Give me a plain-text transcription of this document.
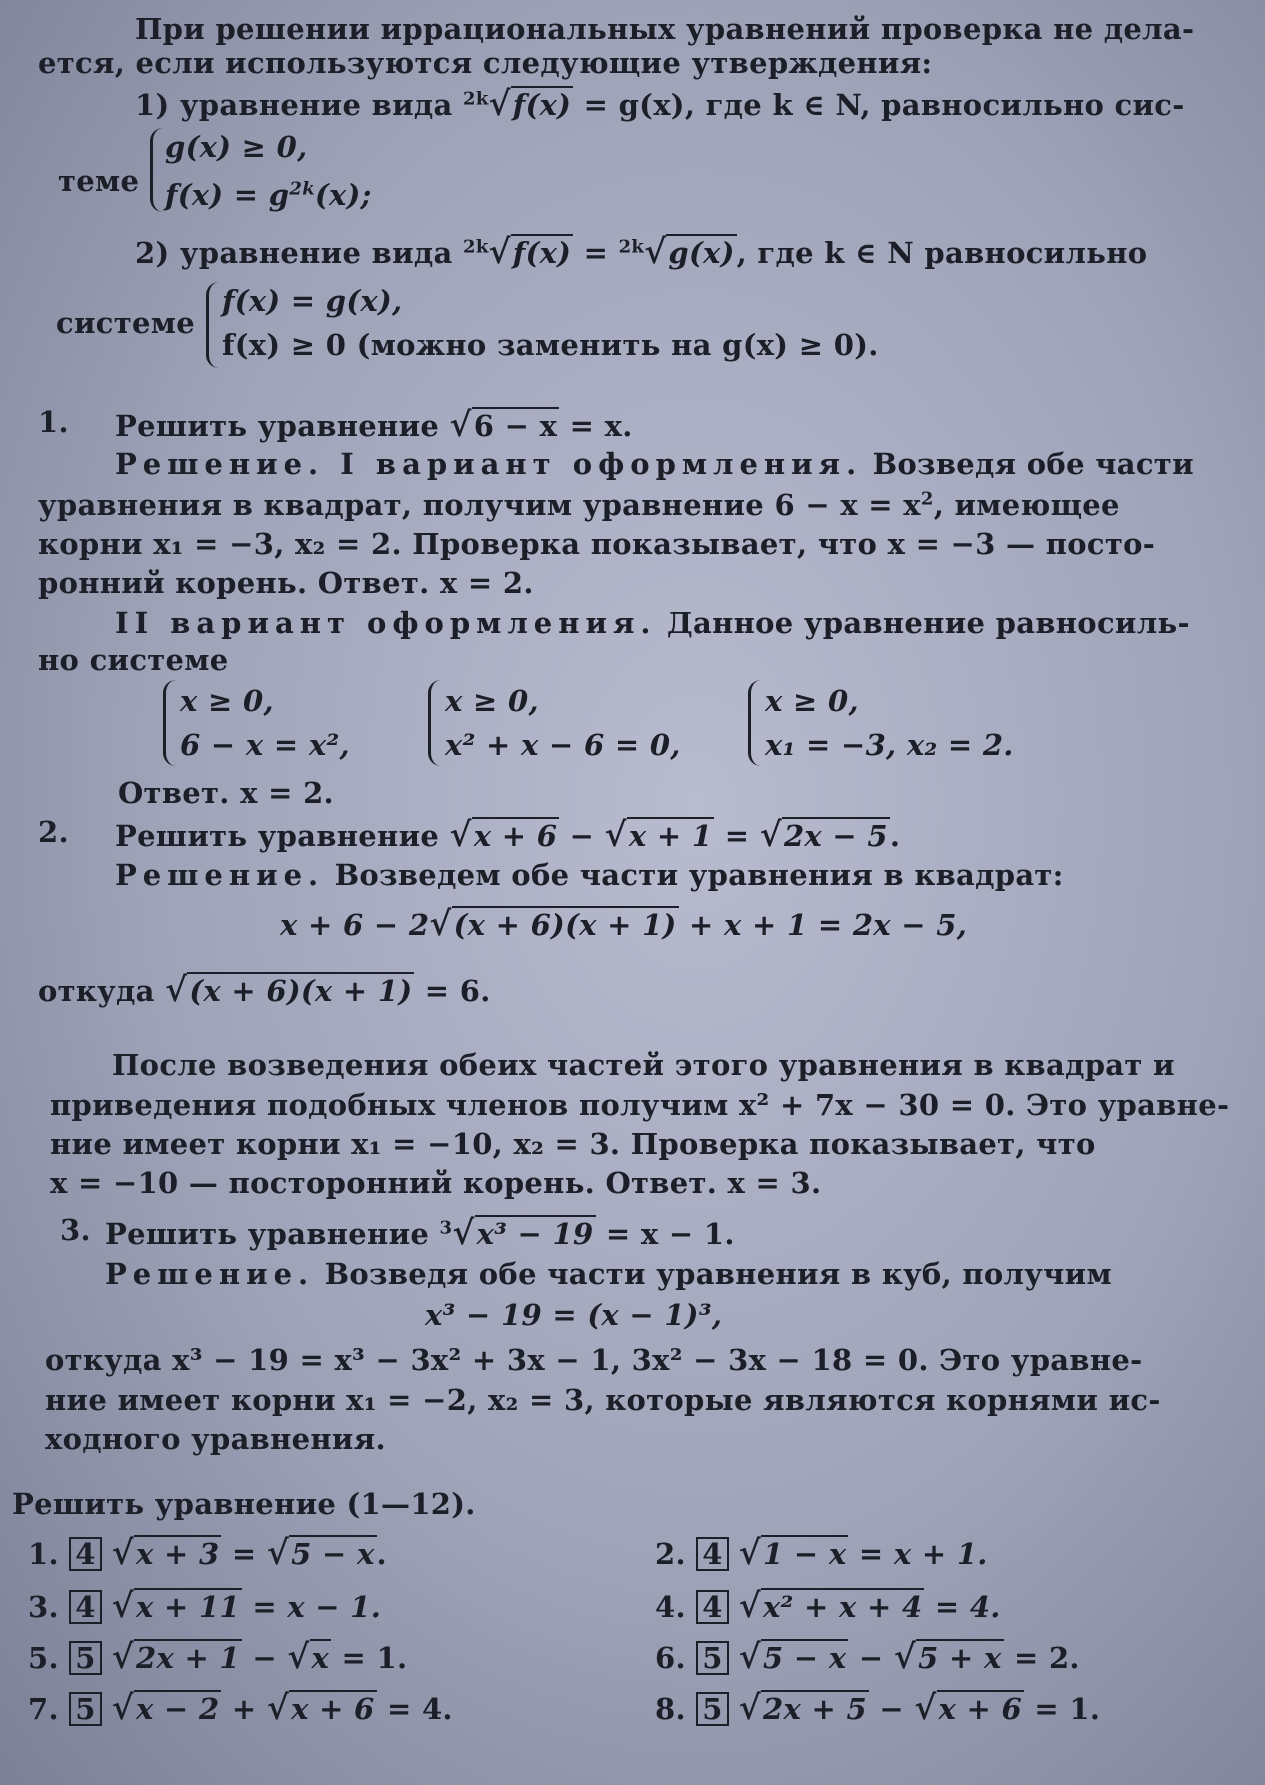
При решении иррациональных уравнений проверка не дела-
ется, если используются следующие утверждения:
1) уравнение вида $^{2k}$√f(x) = g(x), где k ∈ N, равносильно сис-
теме
g(x) ≥ 0,
$f(x) = g^{2k}(x)$;
2) уравнение вида $^{2k}$√f(x) = $^{2k}$√g(x), где k ∈ N равносильно
системе
f(x) = g(x),
f(x) ≥ 0 (можно заменить на g(x) ≥ 0).
1. Решить уравнение √6 − x = x.
Решение. I вариант оформления. Возведя обе части
уравнения в квадрат, получим уравнение $6 - x = x^2$, имеющее
корни x₁ = −3, x₂ = 2. Проверка показывает, что x = −3 — посто-
ронний корень. Ответ. x = 2.
II вариант оформления. Данное уравнение равносиль-
но системе
x ≥ 0,
6 − x = x²,
x ≥ 0,
x² + x − 6 = 0,
x ≥ 0,
x₁ = −3, x₂ = 2.
Ответ. x = 2.
2. Решить уравнение √x + 6 − √x + 1 = √2x − 5.
Решение. Возведем обе части уравнения в квадрат:
x + 6 − 2√(x + 6)(x + 1) + x + 1 = 2x − 5,
откуда √(x + 6)(x + 1) = 6.
После возведения обеих частей этого уравнения в квадрат и
приведения подобных членов получим x² + 7x − 30 = 0. Это уравне-
ние имеет корни x₁ = −10, x₂ = 3. Проверка показывает, что
x = −10 — посторонний корень. Ответ. x = 3.
3. Решить уравнение $^3$√x³ − 19 = x − 1.
Решение. Возведя обе части уравнения в куб, получим
x³ − 19 = (x − 1)³,
откуда x³ − 19 = x³ − 3x² + 3x − 1, 3x² − 3x − 18 = 0. Это уравне-
ние имеет корни x₁ = −2, x₂ = 3, которые являются корнями ис-
ходного уравнения.
Решить уравнение (1—12).
1. 4 √x + 3 = √5 − x.	2. 4 √1 − x = x + 1.
3. 4 √x + 11 = x − 1.	4. 4 √x² + x + 4 = 4.
5. 5 √2x + 1 − √x = 1.	6. 5 √5 − x − √5 + x = 2.
7. 5 √x − 2 + √x + 6 = 4.	8. 5 √2x + 5 − √x + 6 = 1.
